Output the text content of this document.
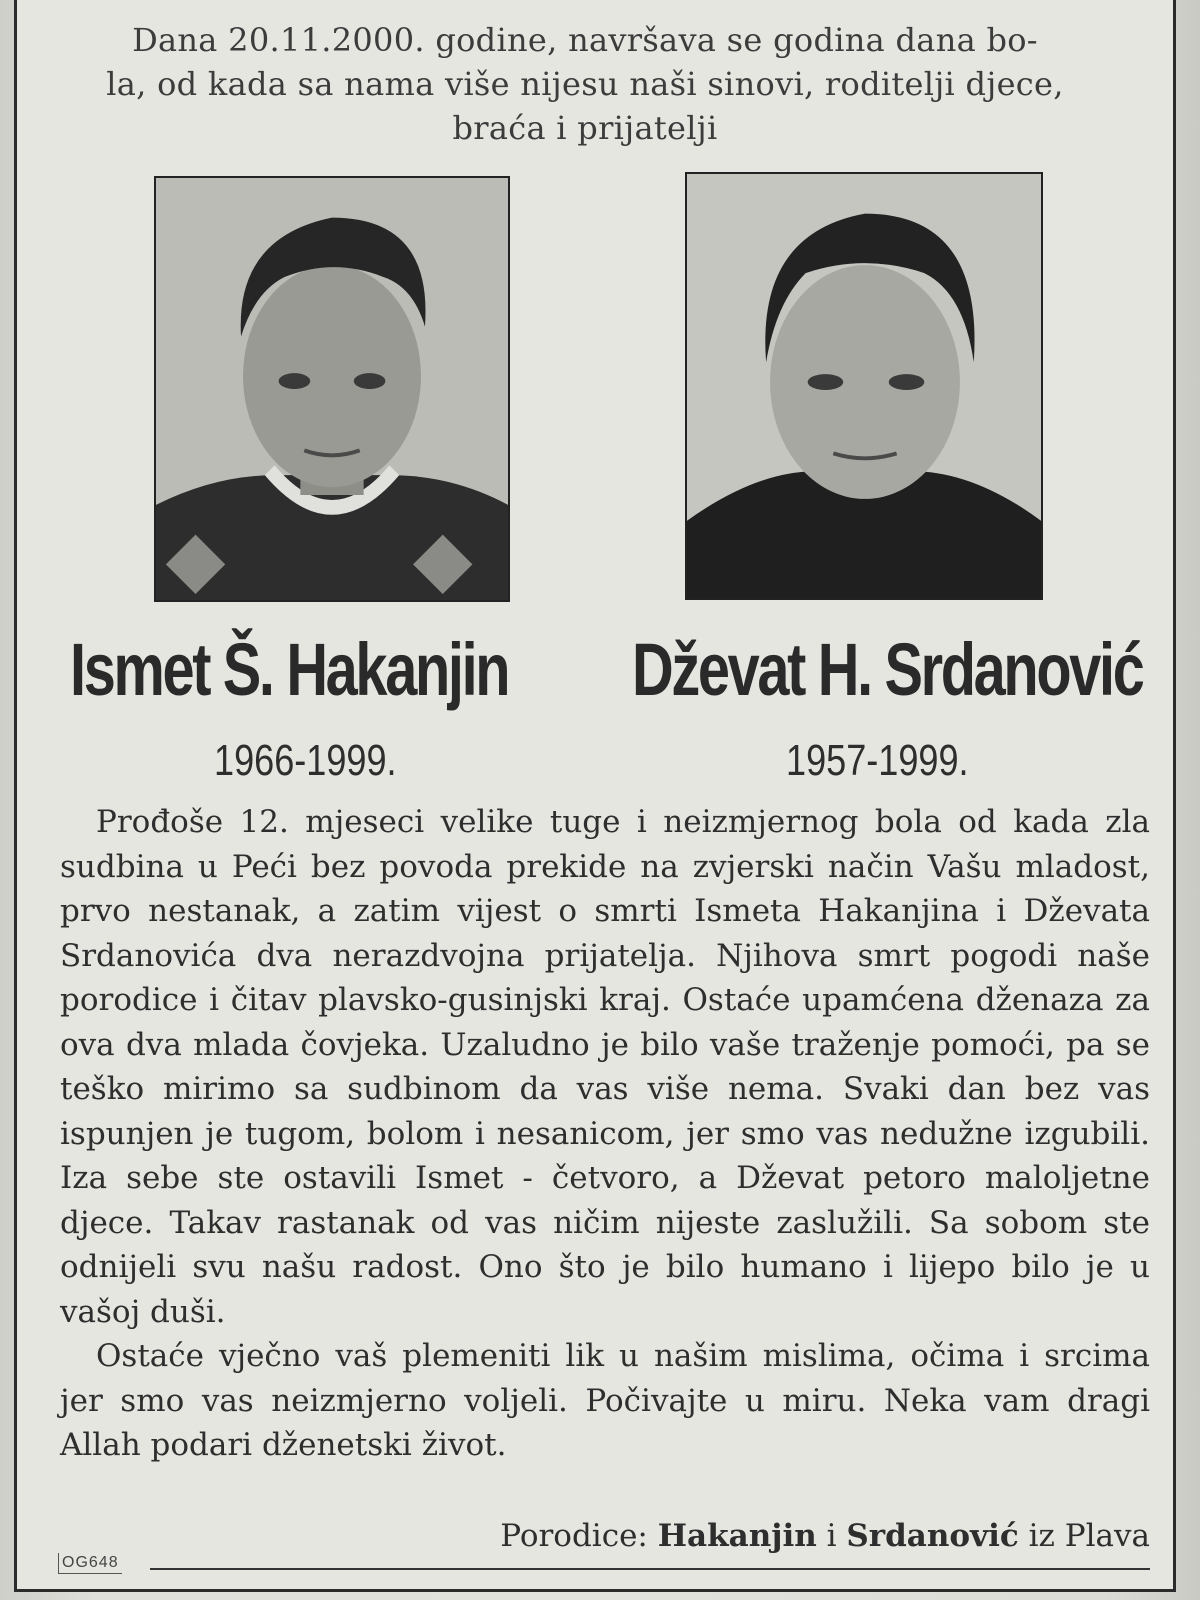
Dana 20.11.2000. godine, navršava se godina dana bo-
la, od kada sa nama više nijesu naši sinovi, roditelji djece,
braća i prijatelji
Ismet Š. Hakanjin Dževat H. Srdanović
1966-1999.	1957-1999.

Prođoše 12. mjeseci velike tuge i neizmjernog bola od kada zla sudbina u Peći bez povoda prekide na zvjerski način Vašu mladost, prvo nestanak, a zatim vijest o smrti Ismeta Hakanjina i Dževata Srdanovića dva nerazdvojna prijatelja. Njihova smrt pogodi naše porodice i čitav plavsko-gusinjski kraj. Ostaće upamćena dženaza za ova dva mlada čovjeka. Uzaludno je bilo vaše traženje pomoći, pa se teško mirimo sa sudbinom da vas više nema. Svaki dan bez vas ispunjen je tugom, bolom i nesanicom, jer smo vas nedužne izgubili. Iza sebe ste ostavili Ismet - četvoro, a Dževat petoro maloljetne djece. Takav rastanak od vas ničim nijeste zaslužili. Sa sobom ste odnijeli svu našu radost. Ono što je bilo humano i lijepo bilo je u vašoj duši.

Ostaće vječno vaš plemeniti lik u našim mislima, očima i srcima jer smo vas neizmjerno voljeli. Počivajte u miru. Neka vam dragi Allah podari dženetski život.

Porodice: Hakanjin i Srdanović iz Plava
OG648
